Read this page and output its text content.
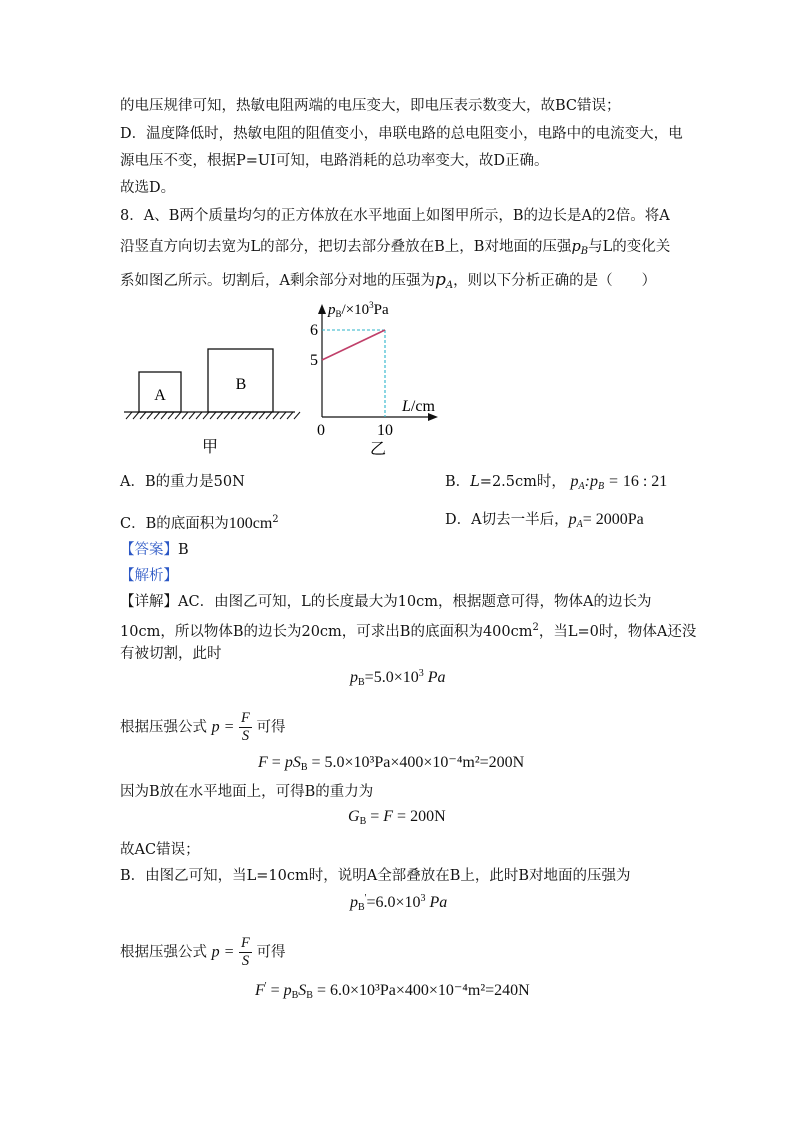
的电压规律可知，热敏电阻两端的电压变大，即电压表示数变大，故BC错误；
D．温度降低时，热敏电阻的阻值变小，串联电路的总电阻变小，电路中的电流变大，电
源电压不变，根据P=UI可知，电路消耗的总功率变大，故D正确。
故选D。
8．A、B两个质量均匀的正方体放在水平地面上如图甲所示，B的边长是A的2倍。将A
沿竖直方向切去宽为L的部分，把切去部分叠放在B上，B对地面的压强$p_B$与L的变化关
系如图乙所示。切割后，A剩余部分对地的压强为$p_A$，则以下分析正确的是（　　）
A
B
甲
$p_B/\times 10^3Pa$
6
5
0	10
L/cm
乙
A．B的重力是50N	B．L=2.5cm时， $p_A:p_B = 16$ : 21
C．B的底面积为$100cm^2$	D．A切去一半后，$p_A= 2000Pa$
【答案】B
【解析】
【详解】AC．由图乙可知，L的长度最大为10cm，根据题意可得，物体A的边长为
10cm，所以物体B的边长为20cm，可求出B的底面积为$400cm^2$，当L=0时，物体A还没
有被切割，此时
$p_B=5.0\times 10^3$ Pa
根据压强公式 $p = \frac{F}{S}$ 可得
$F = pS_B = 5.0\times 10^3Pa\times 400\times 10^{-4}m^2=200N$
因为B放在水平地面上，可得B的重力为
$G_B = F = 200N$
故AC错误；
B．由图乙可知，当L=10cm时，说明A全部叠放在B上，此时B对地面的压强为
$p_B'=6.0\times 10^3$ Pa
根据压强公式 $p = \frac{F}{S}$ 可得
$F' = p_BS_B = 6.0\times 10^3Pa\times 400\times 10^{-4}m^2=240N$
